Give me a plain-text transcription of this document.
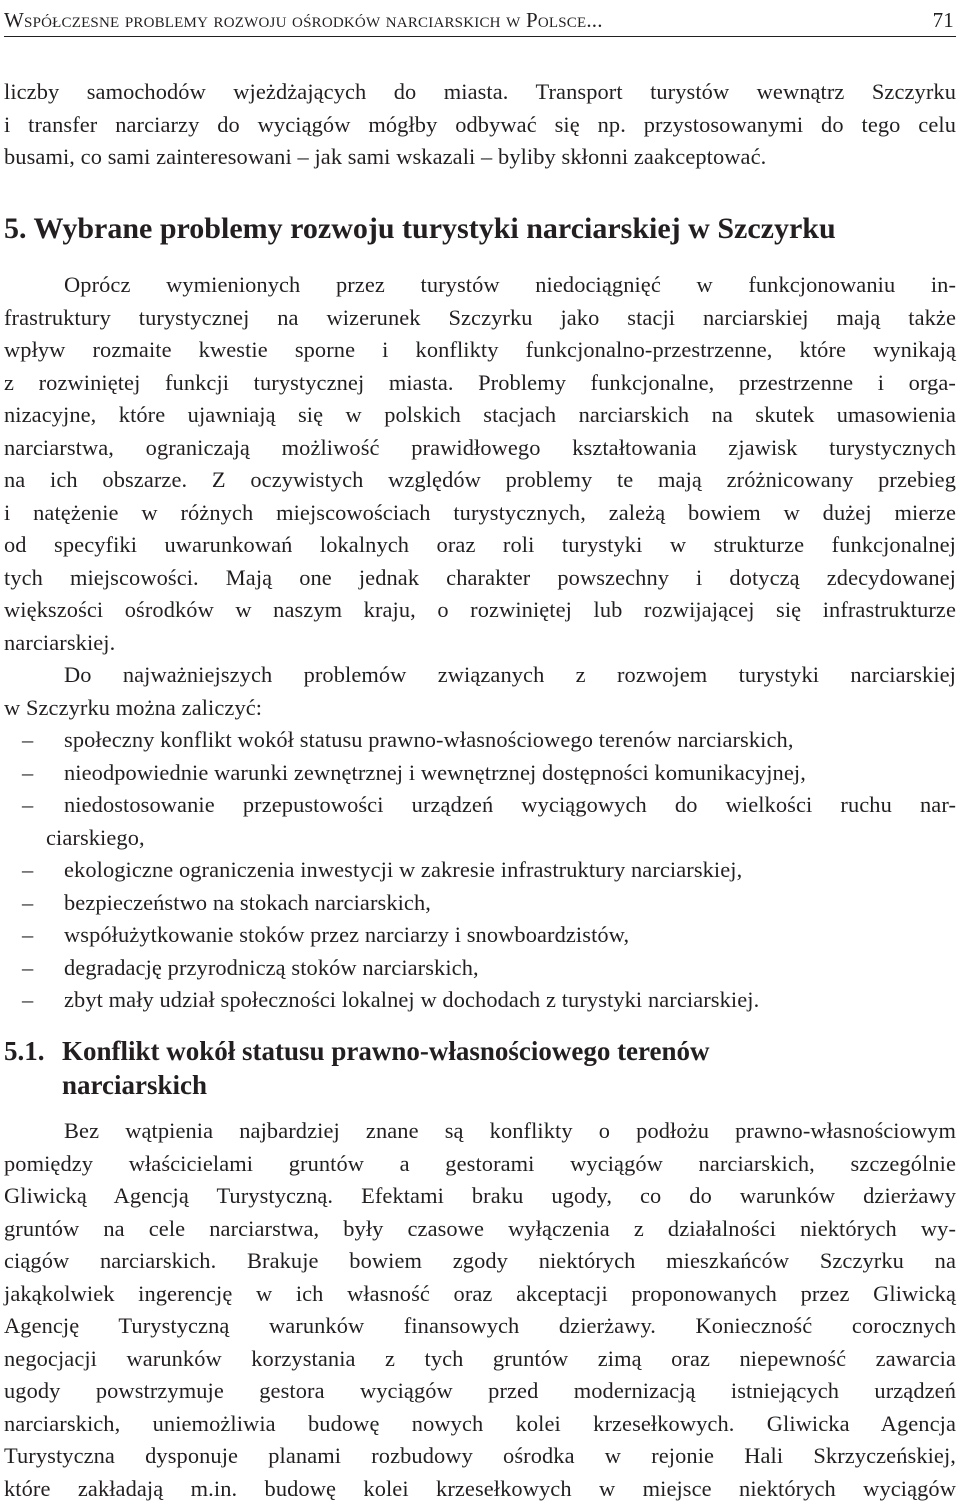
Współczesne problemy rozwoju ośrodków narciarskich w Polsce...	71
liczby samochodów wjeżdżających do miasta. Transport turystów wewnątrz Szczyrku
i transfer narciarzy do wyciągów mógłby odbywać się np. przystosowanymi do tego celu
busami, co sami zainteresowani – jak sami wskazali – byliby skłonni zaakceptować.
5. Wybrane problemy rozwoju turystyki narciarskiej w Szczyrku
Oprócz wymienionych przez turystów niedociągnięć w funkcjonowaniu in-
frastruktury turystycznej na wizerunek Szczyrku jako stacji narciarskiej mają także
wpływ rozmaite kwestie sporne i konflikty funkcjonalno-przestrzenne, które wynikają
z rozwiniętej funkcji turystycznej miasta. Problemy funkcjonalne, przestrzenne i orga-
nizacyjne, które ujawniają się w polskich stacjach narciarskich na skutek umasowienia
narciarstwa, ograniczają możliwość prawidłowego kształtowania zjawisk turystycznych
na ich obszarze. Z oczywistych względów problemy te mają zróżnicowany przebieg
i natężenie w różnych miejscowościach turystycznych, zależą bowiem w dużej mierze
od specyfiki uwarunkowań lokalnych oraz roli turystyki w strukturze funkcjonalnej
tych miejscowości. Mają one jednak charakter powszechny i dotyczą zdecydowanej
większości ośrodków w naszym kraju, o rozwiniętej lub rozwijającej się infrastrukturze
narciarskiej.
Do najważniejszych problemów związanych z rozwojem turystyki narciarskiej
w Szczyrku można zaliczyć:
– społeczny konflikt wokół statusu prawno-własnościowego terenów narciarskich,
– nieodpowiednie warunki zewnętrznej i wewnętrznej dostępności komunikacyjnej,
– niedostosowanie przepustowości urządzeń wyciągowych do wielkości ruchu nar-
ciarskiego,
– ekologiczne ograniczenia inwestycji w zakresie infrastruktury narciarskiej,
– bezpieczeństwo na stokach narciarskich,
– współużytkowanie stoków przez narciarzy i snowboardzistów,
– degradację przyrodniczą stoków narciarskich,
– zbyt mały udział społeczności lokalnej w dochodach z turystyki narciarskiej.
5.1. Konflikt wokół statusu prawno-własnościowego terenów
narciarskich
Bez wątpienia najbardziej znane są konflikty o podłożu prawno-własnościowym
pomiędzy właścicielami gruntów a gestorami wyciągów narciarskich, szczególnie
Gliwicką Agencją Turystyczną. Efektami braku ugody, co do warunków dzierżawy
gruntów na cele narciarstwa, były czasowe wyłączenia z działalności niektórych wy-
ciągów narciarskich. Brakuje bowiem zgody niektórych mieszkańców Szczyrku na
jakąkolwiek ingerencję w ich własność oraz akceptacji proponowanych przez Gliwicką
Agencję Turystyczną warunków finansowych dzierżawy. Konieczność corocznych
negocjacji warunków korzystania z tych gruntów zimą oraz niepewność zawarcia
ugody powstrzymuje gestora wyciągów przed modernizacją istniejących urządzeń
narciarskich, uniemożliwia budowę nowych kolei krzesełkowych. Gliwicka Agencja
Turystyczna dysponuje planami rozbudowy ośrodka w rejonie Hali Skrzyczeńskiej,
które zakładają m.in. budowę kolei krzesełkowych w miejsce niektórych wyciągów
